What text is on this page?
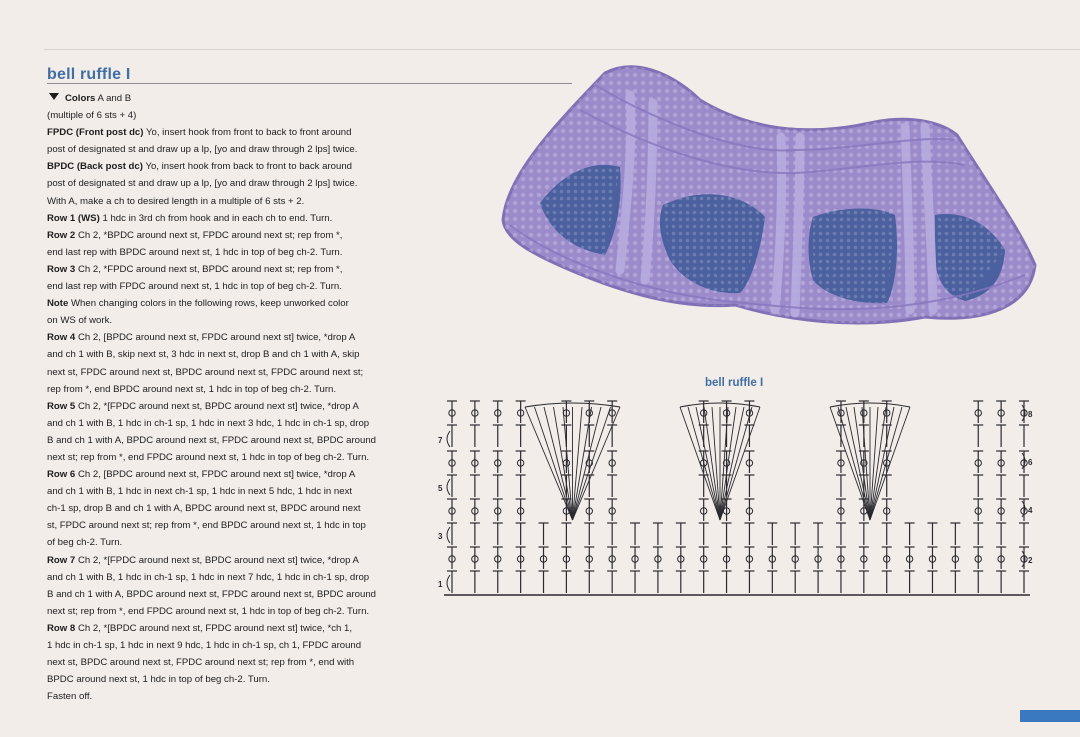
bell ruffle I
Colors A and B
(multiple of 6 sts + 4)
FPDC (Front post dc) Yo, insert hook from front to back to front around
post of designated st and draw up a lp, [yo and draw through 2 lps] twice.
BPDC (Back post dc) Yo, insert hook from back to front to back around
post of designated st and draw up a lp, [yo and draw through 2 lps] twice.
With A, make a ch to desired length in a multiple of 6 sts + 2.
Row 1 (WS) 1 hdc in 3rd ch from hook and in each ch to end. Turn.
Row 2 Ch 2, *BPDC around next st, FPDC around next st; rep from *,
end last rep with BPDC around next st, 1 hdc in top of beg ch-2. Turn.
Row 3 Ch 2, *FPDC around next st, BPDC around next st; rep from *,
end last rep with FPDC around next st, 1 hdc in top of beg ch-2. Turn.
Note When changing colors in the following rows, keep unworked color
on WS of work.
Row 4 Ch 2, [BPDC around next st, FPDC around next st] twice, *drop A
and ch 1 with B, skip next st, 3 hdc in next st, drop B and ch 1 with A, skip
next st, FPDC around next st, BPDC around next st, FPDC around next st;
rep from *, end BPDC around next st, 1 hdc in top of beg ch-2. Turn.
Row 5 Ch 2, *[FPDC around next st, BPDC around next st] twice, *drop A
and ch 1 with B, 1 hdc in ch-1 sp, 1 hdc in next 3 hdc, 1 hdc in ch-1 sp, drop
B and ch 1 with A, BPDC around next st, FPDC around next st, BPDC around
next st; rep from *, end FPDC around next st, 1 hdc in top of beg ch-2. Turn.
Row 6 Ch 2, [BPDC around next st, FPDC around next st] twice, *drop A
and ch 1 with B, 1 hdc in next ch-1 sp, 1 hdc in next 5 hdc, 1 hdc in next
ch-1 sp, drop B and ch 1 with A, BPDC around next st, BPDC around next
st, FPDC around next st; rep from *, end BPDC around next st, 1 hdc in top
of beg ch-2. Turn.
Row 7 Ch 2, *[FPDC around next st, BPDC around next st] twice, *drop A
and ch 1 with B, 1 hdc in ch-1 sp, 1 hdc in next 7 hdc, 1 hdc in ch-1 sp, drop
B and ch 1 with A, BPDC around next st, FPDC around next st, BPDC around
next st; rep from *, end FPDC around next st, 1 hdc in top of beg ch-2. Turn.
Row 8 Ch 2, *[BPDC around next st, FPDC around next st] twice, *ch 1,
1 hdc in ch-1 sp, 1 hdc in next 9 hdc, 1 hdc in ch-1 sp, ch 1, FPDC around
next st, BPDC around next st, FPDC around next st; rep from *, end with
BPDC around next st, 1 hdc in top of beg ch-2. Turn.
Fasten off.
bell ruffle I
7
5
3
1
8
6
4
2
